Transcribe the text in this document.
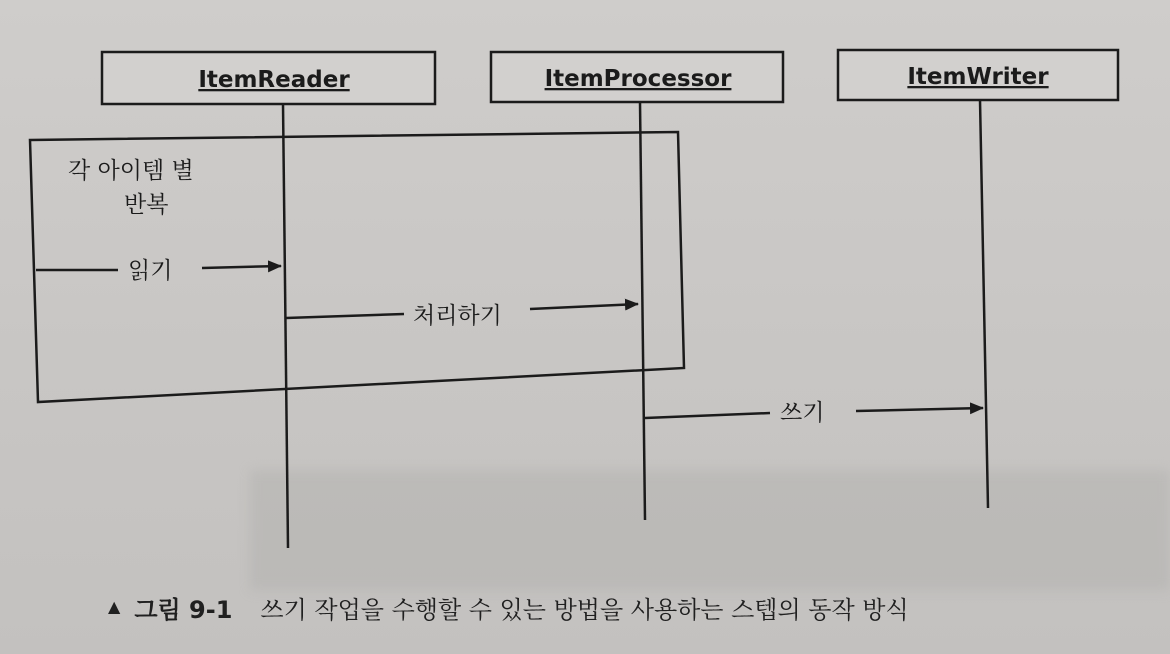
ItemReader	ItemProcessor	ItemWriter
각 아이템 별
반복
읽기
처리하기
쓰기
▲ 그림 9-1 쓰기 작업을 수행할 수 있는 방법을 사용하는 스텝의 동작 방식
